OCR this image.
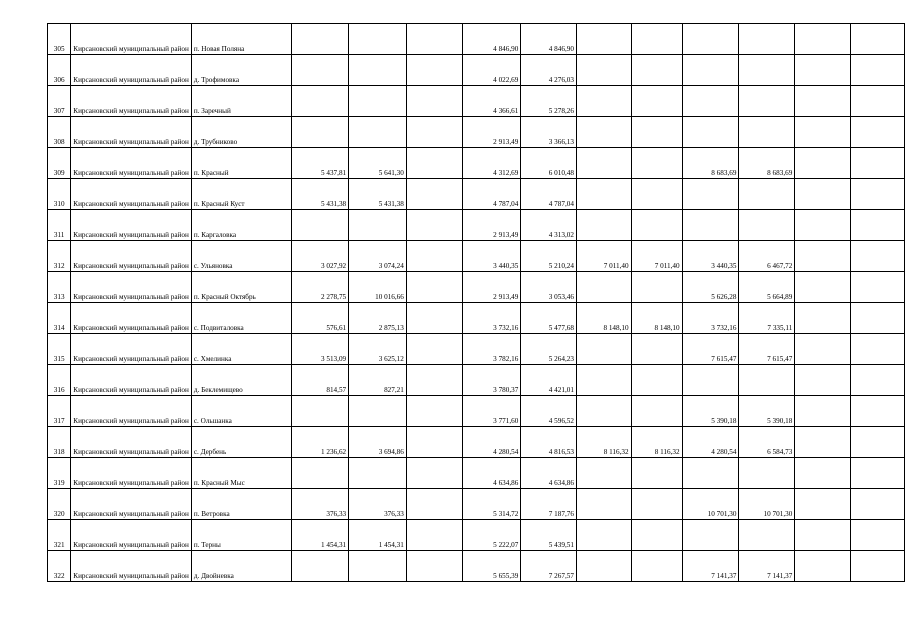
305	Кирсановский муниципальный район	п. Новая Поляна				4 846,90	4 846,90						
306	Кирсановский муниципальный район	д. Трофимовка				4 022,69	4 276,03						
307	Кирсановский муниципальный район	п. Заречный				4 366,61	5 278,26						
308	Кирсановский муниципальный район	д. Трубниково				2 913,49	3 366,13						
309	Кирсановский муниципальный район	п. Красный	5 437,81	5 641,30		4 312,69	6 010,48			8 683,69	8 683,69		
310	Кирсановский муниципальный район	п. Красный Куст	5 431,38	5 431,38		4 787,04	4 787,04						
311	Кирсановский муниципальный район	п. Каргаловка				2 913,49	4 313,02						
312	Кирсановский муниципальный район	с. Ульяновка	3 027,92	3 074,24		3 440,35	5 210,24	7 011,40	7 011,40	3 440,35	6 467,72		
313	Кирсановский муниципальный район	п. Красный Октябрь	2 278,75	10 016,66		2 913,49	3 053,46			5 626,28	5 664,89		
314	Кирсановский муниципальный район	с. Подвиталовка	576,61	2 875,13		3 732,16	5 477,68	8 148,10	8 148,10	3 732,16	7 335,11		
315	Кирсановский муниципальный район	с. Хмелинка	3 513,09	3 625,12		3 782,16	5 264,23			7 615,47	7 615,47		
316	Кирсановский муниципальный район	д. Беклемищево	814,57	827,21		3 780,37	4 421,01						
317	Кирсановский муниципальный район	с. Ольшанка				3 771,60	4 596,52			5 390,18	5 390,18		
318	Кирсановский муниципальный район	с. Дербень	1 236,62	3 694,86		4 280,54	4 816,53	8 116,32	8 116,32	4 280,54	6 584,73		
319	Кирсановский муниципальный район	п. Красный Мыс				4 634,86	4 634,86						
320	Кирсановский муниципальный район	п. Ветровка	376,33	376,33		5 314,72	7 187,76			10 701,30	10 701,30		
321	Кирсановский муниципальный район	п. Терны	1 454,31	1 454,31		5 222,07	5 439,51						
322	Кирсановский муниципальный район	д. Двойневка				5 655,39	7 267,57			7 141,37	7 141,37		
